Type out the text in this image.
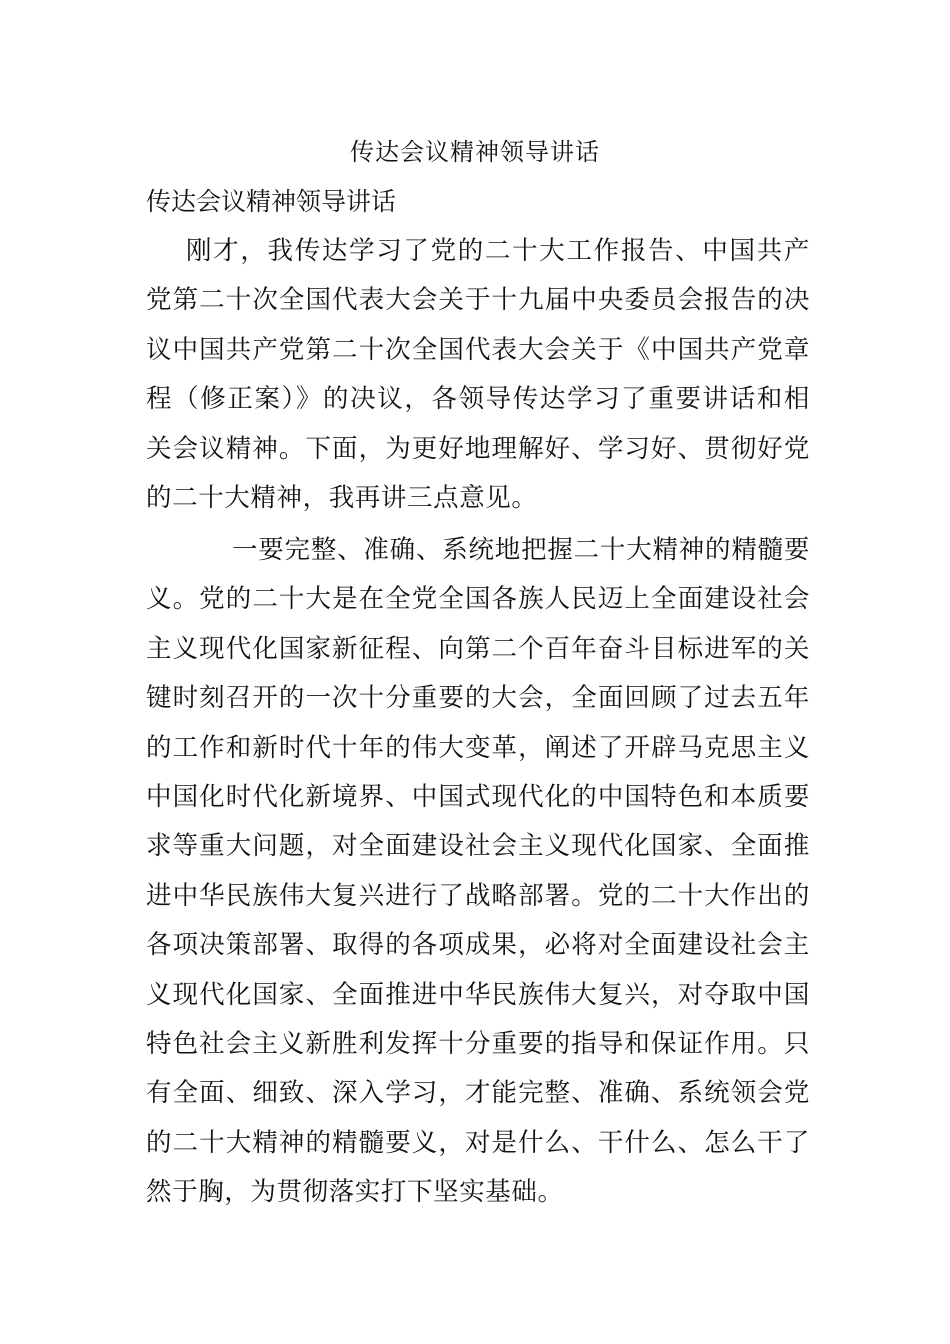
传达会议精神领导讲话
传达会议精神领导讲话

刚才，我传达学习了党的二十大工作报告、中国共产党第二十次全国代表大会关于十九届中央委员会报告的决议中国共产党第二十次全国代表大会关于《中国共产党章程（修正案）》的决议，各领导传达学习了重要讲话和相关会议精神。下面，为更好地理解好、学习好、贯彻好党的二十大精神，我再讲三点意见。

一要完整、准确、系统地把握二十大精神的精髓要义。党的二十大是在全党全国各族人民迈上全面建设社会主义现代化国家新征程、向第二个百年奋斗目标进军的关键时刻召开的一次十分重要的大会，全面回顾了过去五年的工作和新时代十年的伟大变革，阐述了开辟马克思主义中国化时代化新境界、中国式现代化的中国特色和本质要求等重大问题，对全面建设社会主义现代化国家、全面推进中华民族伟大复兴进行了战略部署。党的二十大作出的各项决策部署、取得的各项成果，必将对全面建设社会主义现代化国家、全面推进中华民族伟大复兴，对夺取中国特色社会主义新胜利发挥十分重要的指导和保证作用。只有全面、细致、深入学习，才能完整、准确、系统领会党的二十大精神的精髓要义，对是什么、干什么、怎么干了然于胸，为贯彻落实打下坚实基础。
